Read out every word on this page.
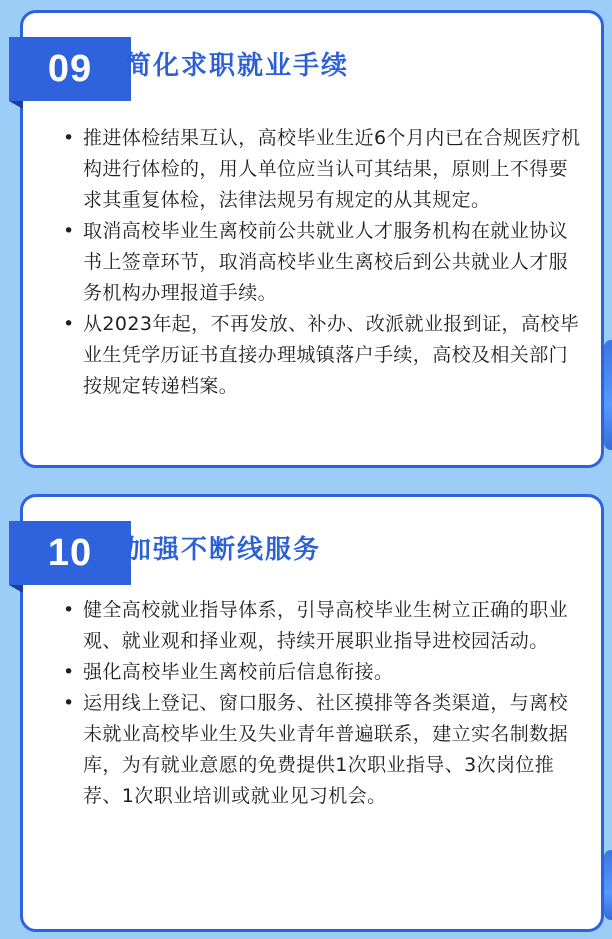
09	简化求职就业手续
• 推进体检结果互认，高校毕业生近6个月内已在合规医疗机构进行体检的，用人单位应当认可其结果，原则上不得要求其重复体检，法律法规另有规定的从其规定。
• 取消高校毕业生离校前公共就业人才服务机构在就业协议书上签章环节，取消高校毕业生离校后到公共就业人才服务机构办理报道手续。
• 从2023年起，不再发放、补办、改派就业报到证，高校毕业生凭学历证书直接办理城镇落户手续，高校及相关部门按规定转递档案。
10	加强不断线服务
• 健全高校就业指导体系，引导高校毕业生树立正确的职业观、就业观和择业观，持续开展职业指导进校园活动。
• 强化高校毕业生离校前后信息衔接。
• 运用线上登记、窗口服务、社区摸排等各类渠道，与离校未就业高校毕业生及失业青年普遍联系，建立实名制数据库，为有就业意愿的免费提供1次职业指导、3次岗位推荐、1次职业培训或就业见习机会。
